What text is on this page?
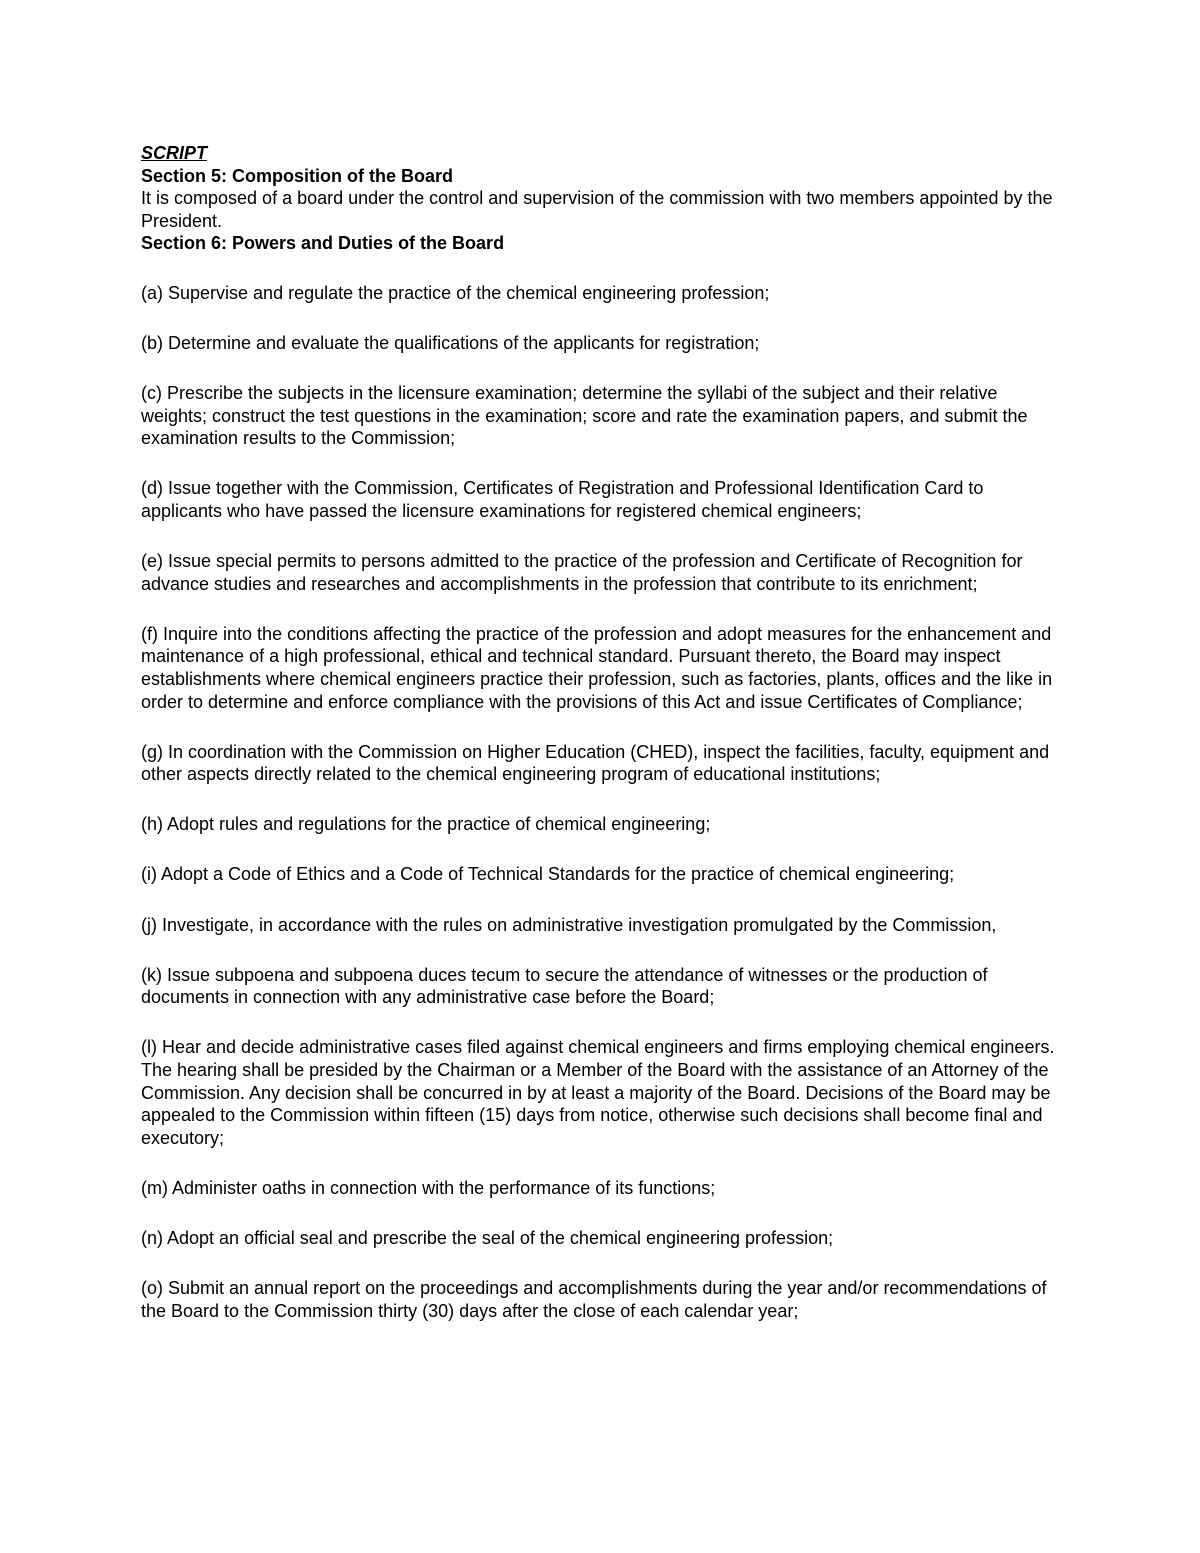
SCRIPT

Section 5: Composition of the Board

It is composed of a board under the control and supervision of the commission with two members appointed by the President.

Section 6: Powers and Duties of the Board

(a) Supervise and regulate the practice of the chemical engineering profession;

(b) Determine and evaluate the qualifications of the applicants for registration;

(c) Prescribe the subjects in the licensure examination; determine the syllabi of the subject and their relative weights; construct the test questions in the examination; score and rate the examination papers, and submit the examination results to the Commission;

(d) Issue together with the Commission, Certificates of Registration and Professional Identification Card to applicants who have passed the licensure examinations for registered chemical engineers;

(e) Issue special permits to persons admitted to the practice of the profession and Certificate of Recognition for advance studies and researches and accomplishments in the profession that contribute to its enrichment;

(f) Inquire into the conditions affecting the practice of the profession and adopt measures for the enhancement and maintenance of a high professional, ethical and technical standard. Pursuant thereto, the Board may inspect establishments where chemical engineers practice their profession, such as factories, plants, offices and the like in order to determine and enforce compliance with the provisions of this Act and issue Certificates of Compliance;

(g) In coordination with the Commission on Higher Education (CHED), inspect the facilities, faculty, equipment and other aspects directly related to the chemical engineering program of educational institutions;

(h) Adopt rules and regulations for the practice of chemical engineering;

(i) Adopt a Code of Ethics and a Code of Technical Standards for the practice of chemical engineering;

(j) Investigate, in accordance with the rules on administrative investigation promulgated by the Commission,

(k) Issue subpoena and subpoena duces tecum to secure the attendance of witnesses or the production of documents in connection with any administrative case before the Board;

(l) Hear and decide administrative cases filed against chemical engineers and firms employing chemical engineers. The hearing shall be presided by the Chairman or a Member of the Board with the assistance of an Attorney of the Commission. Any decision shall be concurred in by at least a majority of the Board. Decisions of the Board may be appealed to the Commission within fifteen (15) days from notice, otherwise such decisions shall become final and executory;

(m) Administer oaths in connection with the performance of its functions;

(n) Adopt an official seal and prescribe the seal of the chemical engineering profession;

(o) Submit an annual report on the proceedings and accomplishments during the year and/or recommendations of the Board to the Commission thirty (30) days after the close of each calendar year;
